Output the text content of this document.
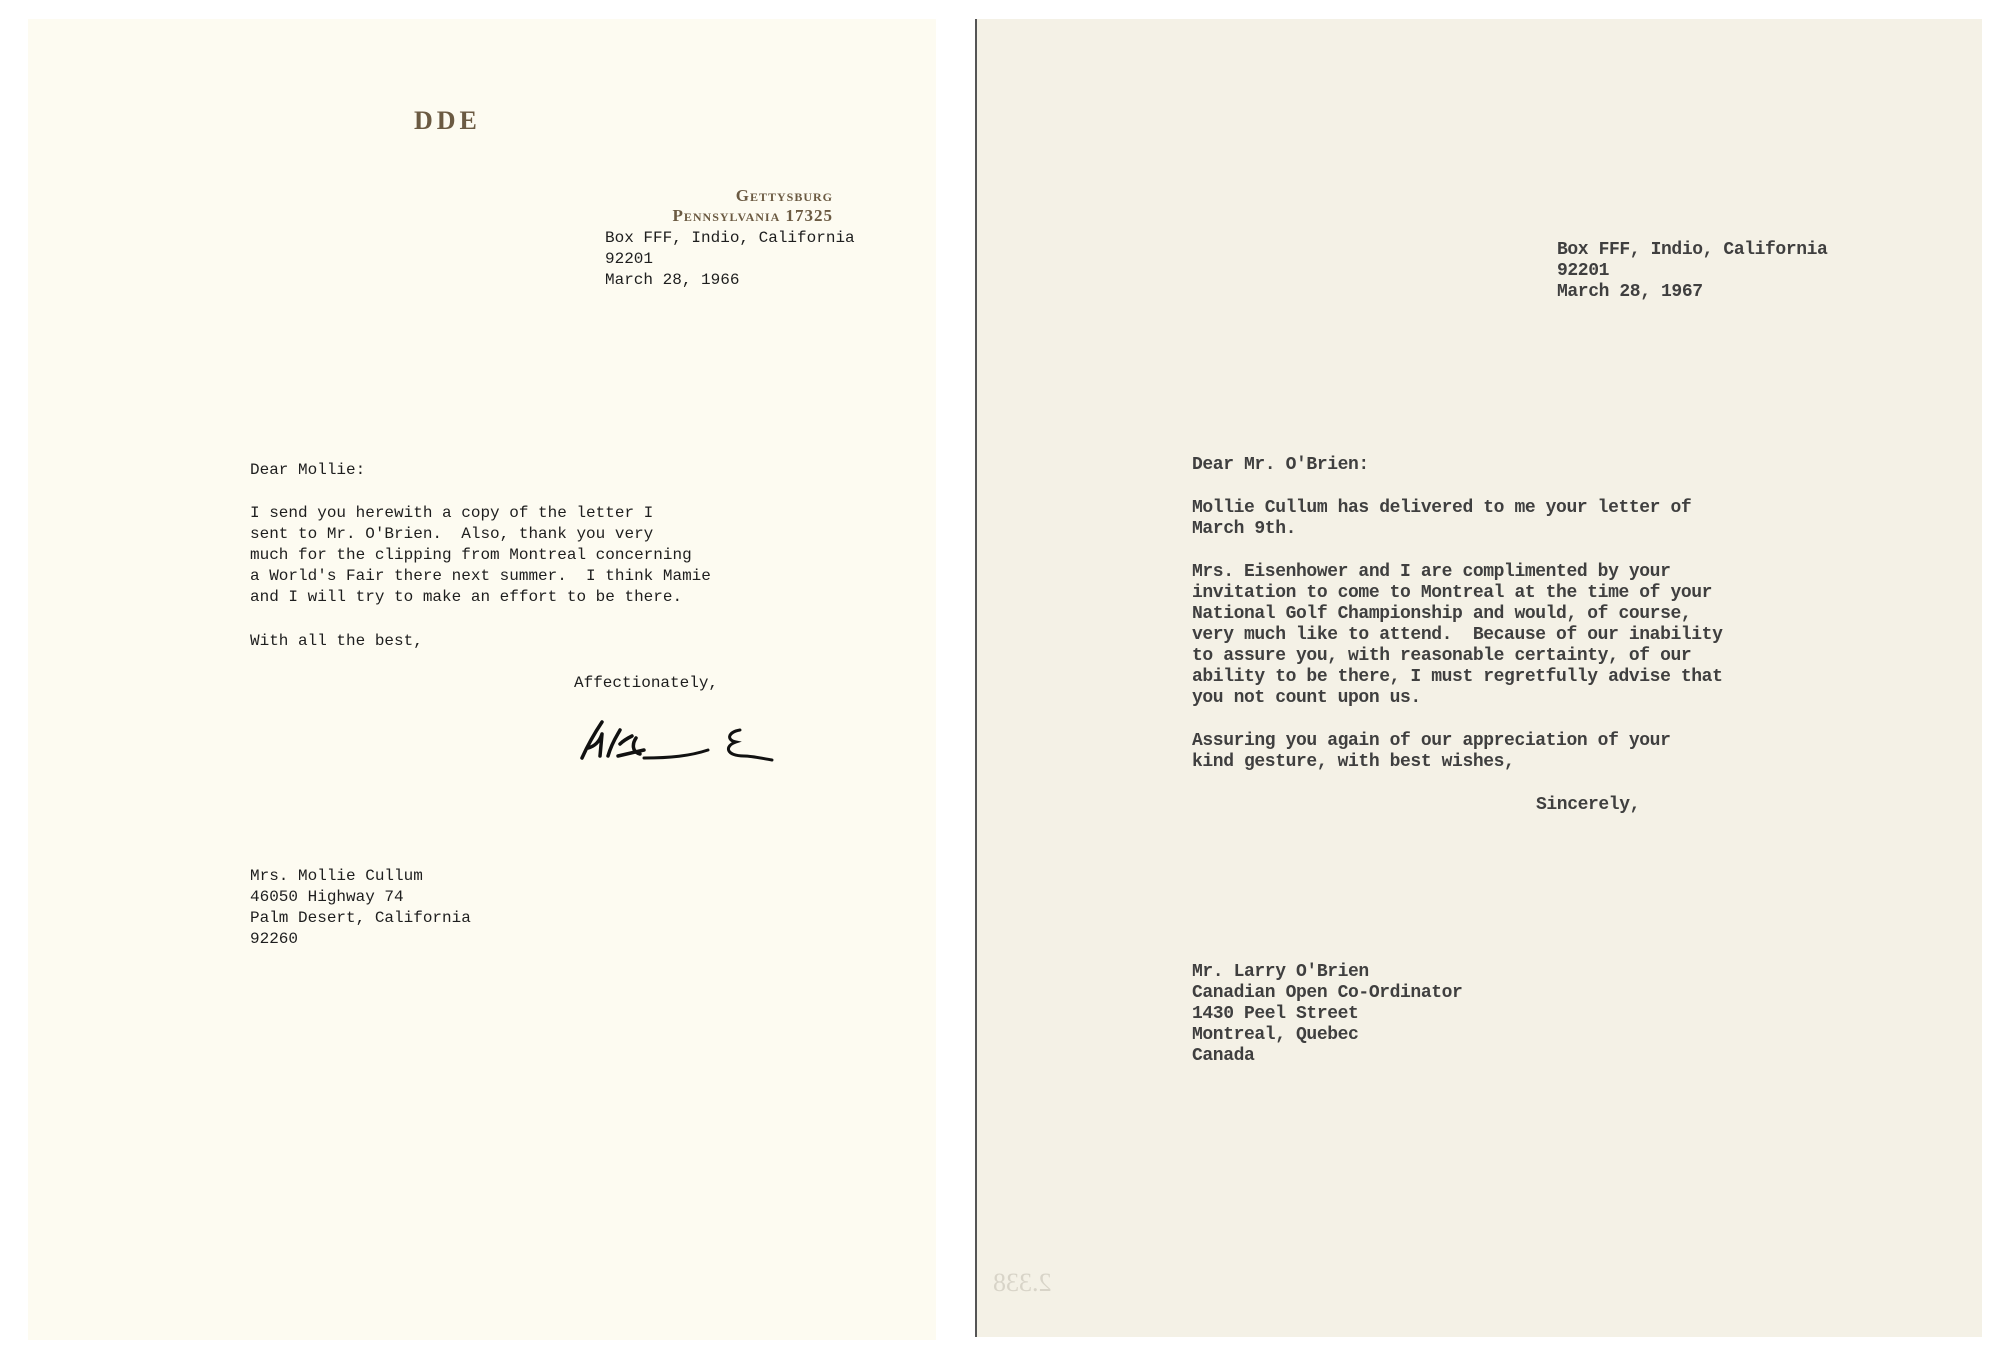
DDE
Gettysburg
Pennsylvania 17325
Box FFF, Indio, California
92201
March 28, 1966
Dear Mollie:
I send you herewith a copy of the letter I
sent to Mr. O'Brien.  Also, thank you very
much for the clipping from Montreal concerning
a World's Fair there next summer.  I think Mamie
and I will try to make an effort to be there.
With all the best,
Affectionately,
Mrs. Mollie Cullum
46050 Highway 74
Palm Desert, California
92260
Box FFF, Indio, California
92201
March 28, 1967
Dear Mr. O'Brien:
Mollie Cullum has delivered to me your letter of
March 9th.
Mrs. Eisenhower and I are complimented by your
invitation to come to Montreal at the time of your
National Golf Championship and would, of course,
very much like to attend.  Because of our inability
to assure you, with reasonable certainty, of our
ability to be there, I must regretfully advise that
you not count upon us.
Assuring you again of our appreciation of your
kind gesture, with best wishes,
Sincerely,
Mr. Larry O'Brien
Canadian Open Co-Ordinator
1430 Peel Street
Montreal, Quebec
Canada
2.338
